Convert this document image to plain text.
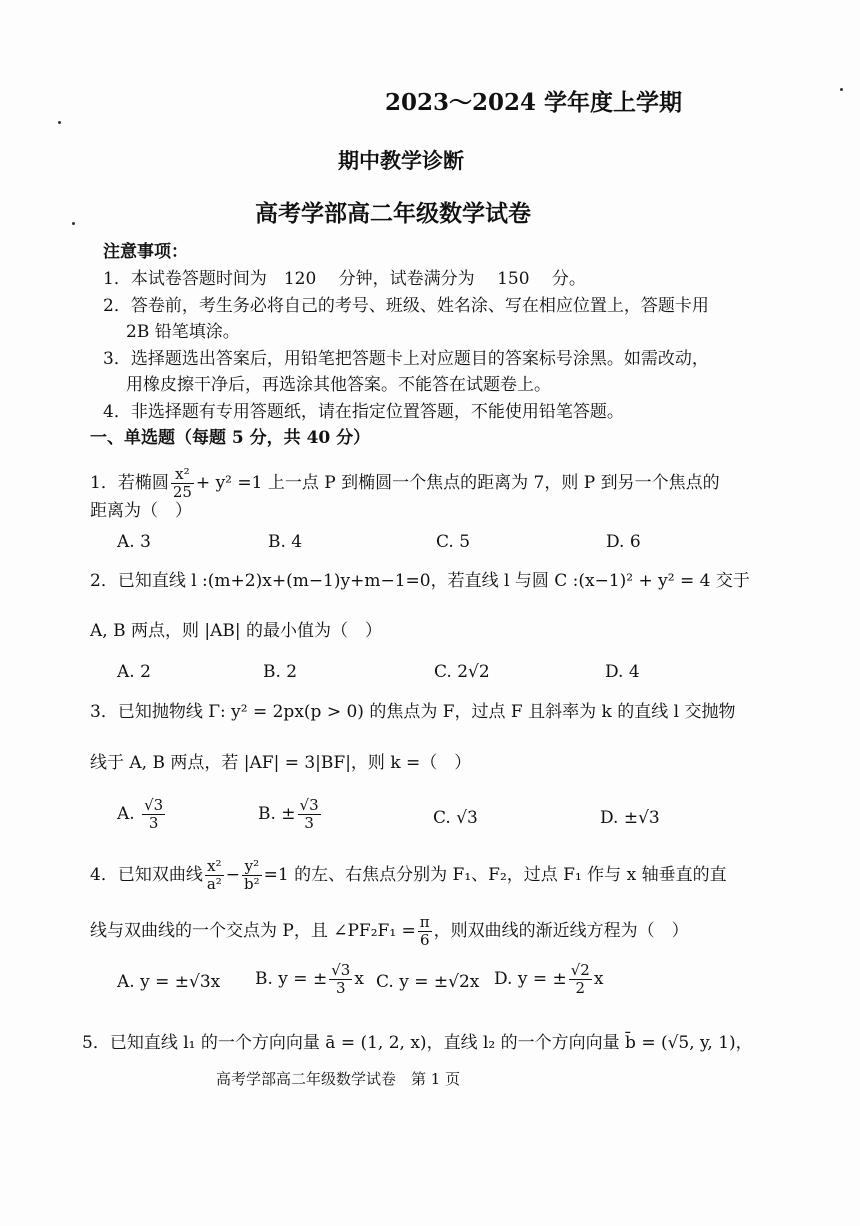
2023～2024 学年度上学期
期中教学诊断
高考学部高二年级数学试卷
注意事项：
1．本试卷答题时间为　120　 分钟，试卷满分为　 150　 分。
2．答卷前，考生务必将自己的考号、班级、姓名涂、写在相应位置上，答题卡用
2B 铅笔填涂。
3．选择题选出答案后，用铅笔把答题卡上对应题目的答案标号涂黑。如需改动，
用橡皮擦干净后，再选涂其他答案。不能答在试题卷上。
4．非选择题有专用答题纸，请在指定位置答题，不能使用铅笔答题。
一、单选题（每题 5 分，共 40 分）
1．若椭圆 $\frac{\text{x²}}{25} + y^2 =1$ 上一点 P 到椭圆一个焦点的距离为 7，则 P 到另一个焦点的
距离为（　）
A. 3	B. 4	C. 5	D. 6
2．已知直线 l :(m+2)x+(m−1)y+m−1=0，若直线 l 与圆 C :(x−1)² + y² = 4 交于
A, B 两点，则 |AB| 的最小值为（　）
A. 2	B. 2	C. 2√2	D. 4
3．已知抛物线 Γ: y² = 2px(p > 0) 的焦点为 F，过点 F 且斜率为 k 的直线 l 交抛物
线于 A, B 两点，若 |AF| = 3|BF|，则 k =（　）
A. $\frac{√3}{3}$	B. ± $\frac{√3}{3}$	C. √3	D. ±√3
4．已知双曲线 $\frac{\text{x²}}{\text{a²}} - \frac{\text{y²}}{\text{b²}} =1$ 的左、右焦点分别为 F₁、F₂，过点 F₁ 作与 x 轴垂直的直
线与双曲线的一个交点为 P，且 ∠PF₂F₁ = $\frac{\pi}{6}$ ，则双曲线的渐近线方程为（　）
A. y = ±√3x B. y = ± $\frac{√3}{3}$ x C. y = ±√2x D. y = ± $\frac{√2}{2}$ x
5．已知直线 l₁ 的一个方向向量 ā = (1, 2, x)，直线 l₂ 的一个方向向量 b̄ = (√5, y, 1)，
高考学部高二年级数学试卷　第 1 页
